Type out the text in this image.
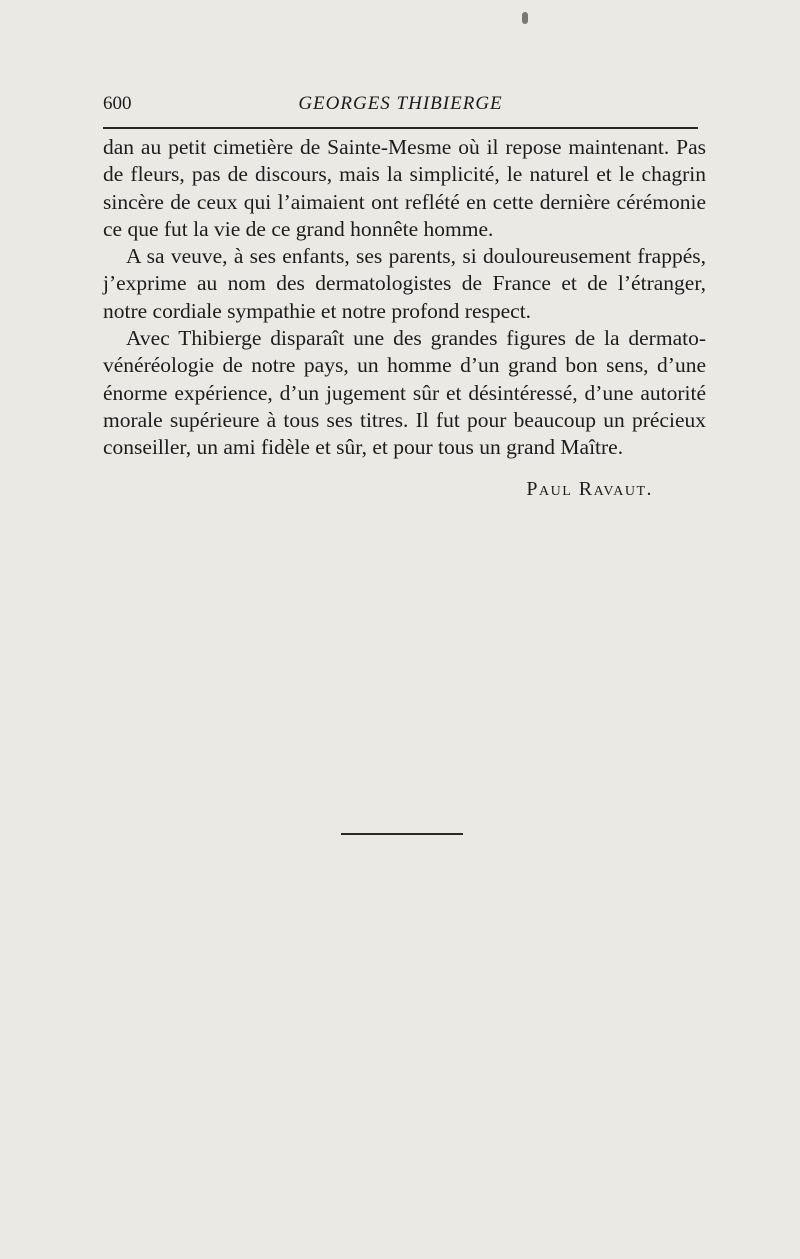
600	GEORGES THIBIERGE

dan au petit cimetière de Sainte-Mesme où il repose maintenant. Pas de fleurs, pas de discours, mais la simplicité, le naturel et le chagrin sincère de ceux qui l’aimaient ont reflété en cette dernière cérémonie ce que fut la vie de ce grand honnête homme.

A sa veuve, à ses enfants, ses parents, si douloureusement frappés, j’exprime au nom des dermatologistes de France et de l’étranger, notre cordiale sympathie et notre profond respect.

Avec Thibierge disparaît une des grandes figures de la dermato-vénéréologie de notre pays, un homme d’un grand bon sens, d’une énorme expérience, d’un jugement sûr et désintéressé, d’une autorité morale supérieure à tous ses titres. Il fut pour beaucoup un précieux conseiller, un ami fidèle et sûr, et pour tous un grand Maître.

Paul Ravaut.
